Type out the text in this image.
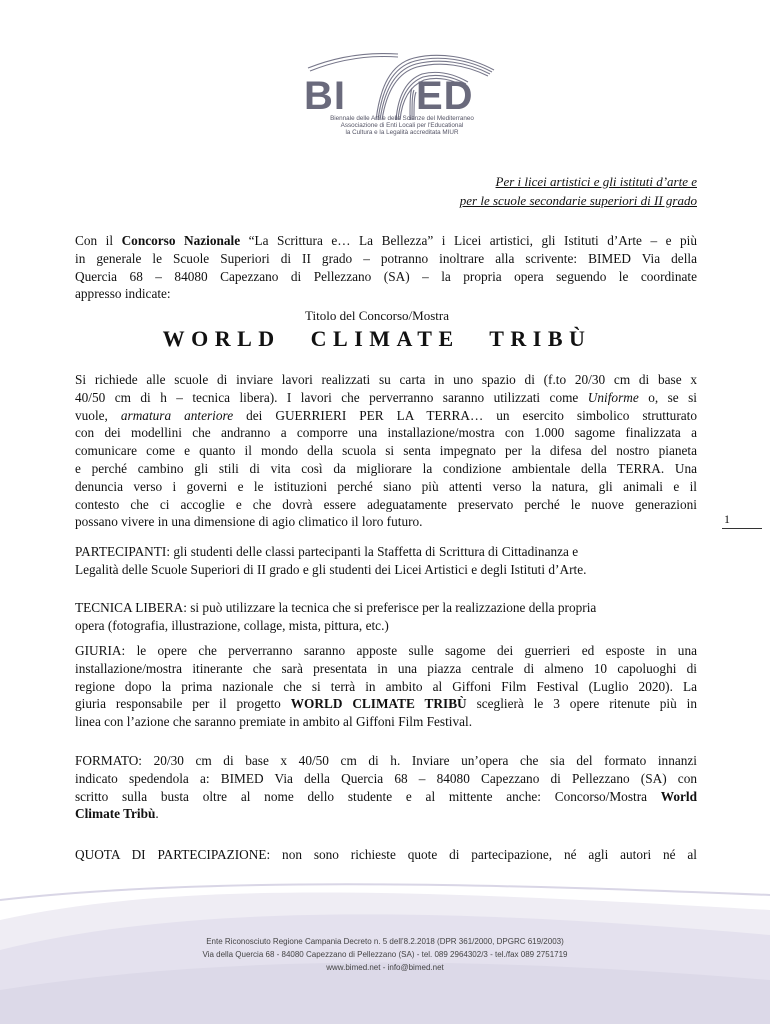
BI ED
Biennale delle Arti e delle Scienze del Mediterraneo
Associazione di Enti Locali per l'Educational
la Cultura e la Legalità accreditata MIUR
Per i licei artistici e gli istituti d’arte e
per le scuole secondarie superiori di II grado
Con il Concorso Nazionale “La Scrittura e… La Bellezza” i Licei artistici, gli Istituti d’Arte – e più
in generale le Scuole Superiori di II grado – potranno inoltrare alla scrivente: BIMED Via della
Quercia 68 – 84080 Capezzano di Pellezzano (SA) – la propria opera seguendo le coordinate
appresso indicate:
Titolo del Concorso/Mostra
WORLD CLIMATE TRIBÙ
Si richiede alle scuole di inviare lavori realizzati su carta in uno spazio di (f.to 20/30 cm di base x
40/50 cm di h – tecnica libera). I lavori che perverranno saranno utilizzati come Uniforme o, se si
vuole, armatura anteriore dei GUERRIERI PER LA TERRA… un esercito simbolico strutturato
con dei modellini che andranno a comporre una installazione/mostra con 1.000 sagome finalizzata a
comunicare come e quanto il mondo della scuola si senta impegnato per la difesa del nostro pianeta
e perché cambino gli stili di vita così da migliorare la condizione ambientale della TERRA. Una
denuncia verso i governi e le istituzioni perché siano più attenti verso la natura, gli animali e il
contesto che ci accoglie e che dovrà essere adeguatamente preservato perché le nuove generazioni
possano vivere in una dimensione di agio climatico il loro futuro.	1
PARTECIPANTI: gli studenti delle classi partecipanti la Staffetta di Scrittura di Cittadinanza e
Legalità delle Scuole Superiori di II grado e gli studenti dei Licei Artistici e degli Istituti d’Arte.
TECNICA LIBERA: si può utilizzare la tecnica che si preferisce per la realizzazione della propria
opera (fotografia, illustrazione, collage, mista, pittura, etc.)
GIURIA: le opere che perverranno saranno apposte sulle sagome dei guerrieri ed esposte in una
installazione/mostra itinerante che sarà presentata in una piazza centrale di almeno 10 capoluoghi di
regione dopo la prima nazionale che si terrà in ambito al Giffoni Film Festival (Luglio 2020). La
giuria responsabile per il progetto WORLD CLIMATE TRIBÙ sceglierà le 3 opere ritenute più in
linea con l’azione che saranno premiate in ambito al Giffoni Film Festival.
FORMATO: 20/30 cm di base x 40/50 cm di h. Inviare un’opera che sia del formato innanzi
indicato spedendola a: BIMED Via della Quercia 68 – 84080 Capezzano di Pellezzano (SA) con
scritto sulla busta oltre al nome dello studente e al mittente anche: Concorso/Mostra World
Climate Tribù.
QUOTA DI PARTECIPAZIONE: non sono richieste quote di partecipazione, né agli autori né al
Ente Riconosciuto Regione Campania Decreto n. 5 dell’8.2.2018 (DPR 361/2000, DPGRC 619/2003)
Via della Quercia 68 - 84080 Capezzano di Pellezzano (SA) - tel. 089 2964302/3 - tel./fax 089 2751719
www.bimed.net - info@bimed.net
